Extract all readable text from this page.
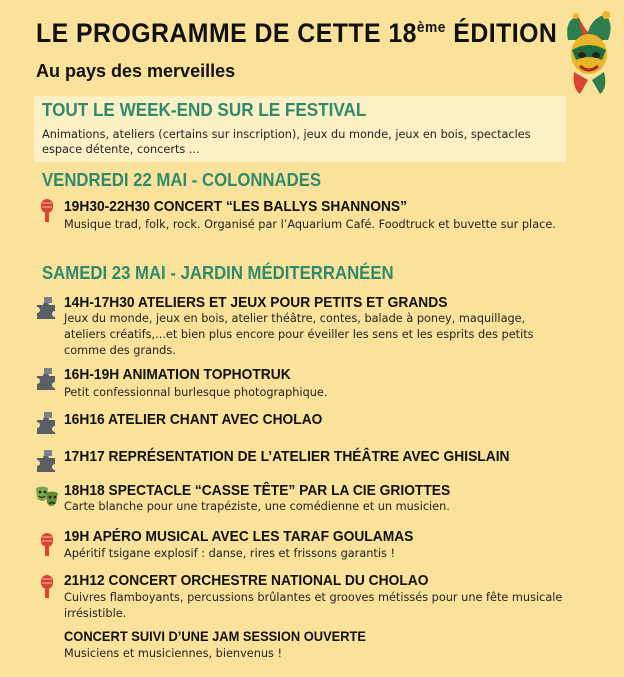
LE PROGRAMME DE CETTE 18ème ÉDITION
Au pays des merveilles
TOUT LE WEEK-END SUR LE FESTIVAL
Animations, ateliers (certains sur inscription), jeux du monde, jeux en bois, spectacles espace détente, concerts ...
VENDREDI 22 MAI - COLONNADES
19H30-22H30 CONCERT “LES BALLYS SHANNONS”
Musique trad, folk, rock. Organisé par l’Aquarium Café. Foodtruck et buvette sur place.
SAMEDI 23 MAI - JARDIN MÉDITERRANÉEN
14H-17H30 ATELIERS ET JEUX POUR PETITS ET GRANDS
Jeux du monde, jeux en bois, atelier théâtre, contes, balade à poney, maquillage, ateliers créatifs,...et bien plus encore pour éveiller les sens et les esprits des petits comme des grands.
16H-19H ANIMATION TOPHOTRUK
Petit confessionnal burlesque photographique.
16H16 ATELIER CHANT AVEC CHOLAO
17H17 REPRÉSENTATION DE L’ATELIER THÉÂTRE AVEC GHISLAIN
18H18 SPECTACLE “CASSE TÊTE” PAR LA CIE GRIOTTES
Carte blanche pour une trapéziste, une comédienne et un musicien.
19H APÉRO MUSICAL AVEC LES TARAF GOULAMAS
Apéritif tsigane explosif : danse, rires et frissons garantis !
21H12 CONCERT ORCHESTRE NATIONAL DU CHOLAO
Cuivres flamboyants, percussions brûlantes et grooves métissés pour une fête musicale irrésistible.
CONCERT SUIVI D’UNE JAM SESSION OUVERTE
Musiciens et musiciennes, bienvenus !
